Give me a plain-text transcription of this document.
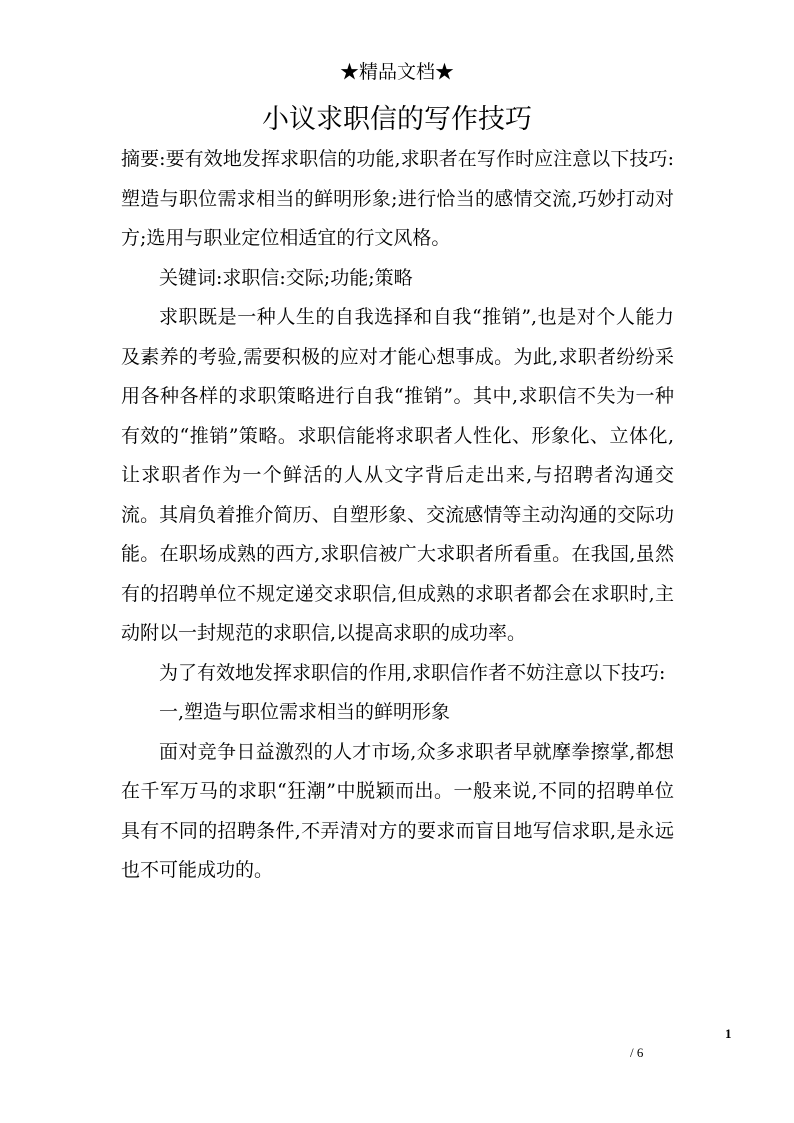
★精品文档★
小议求职信的写作技巧

摘要:要有效地发挥求职信的功能,求职者在写作时应注意以下技巧:塑造与职位需求相当的鲜明形象;进行恰当的感情交流,巧妙打动对方;选用与职业定位相适宜的行文风格。

关键词:求职信:交际;功能;策略

求职既是一种人生的自我选择和自我“推销”,也是对个人能力及素养的考验,需要积极的应对才能心想事成。为此,求职者纷纷采用各种各样的求职策略进行自我“推销”。其中,求职信不失为一种有效的“推销”策略。求职信能将求职者人性化、形象化、立体化,让求职者作为一个鲜活的人从文字背后走出来,与招聘者沟通交流。其肩负着推介简历、自塑形象、交流感情等主动沟通的交际功能。在职场成熟的西方,求职信被广大求职者所看重。在我国,虽然有的招聘单位不规定递交求职信,但成熟的求职者都会在求职时,主动附以一封规范的求职信,以提高求职的成功率。

为了有效地发挥求职信的作用,求职信作者不妨注意以下技巧:

一,塑造与职位需求相当的鲜明形象

面对竞争日益激烈的人才市场,众多求职者早就摩拳擦掌,都想在千军万马的求职“狂潮”中脱颖而出。一般来说,不同的招聘单位具有不同的招聘条件,不弄清对方的要求而盲目地写信求职,是永远也不可能成功的。

1
/ 6
